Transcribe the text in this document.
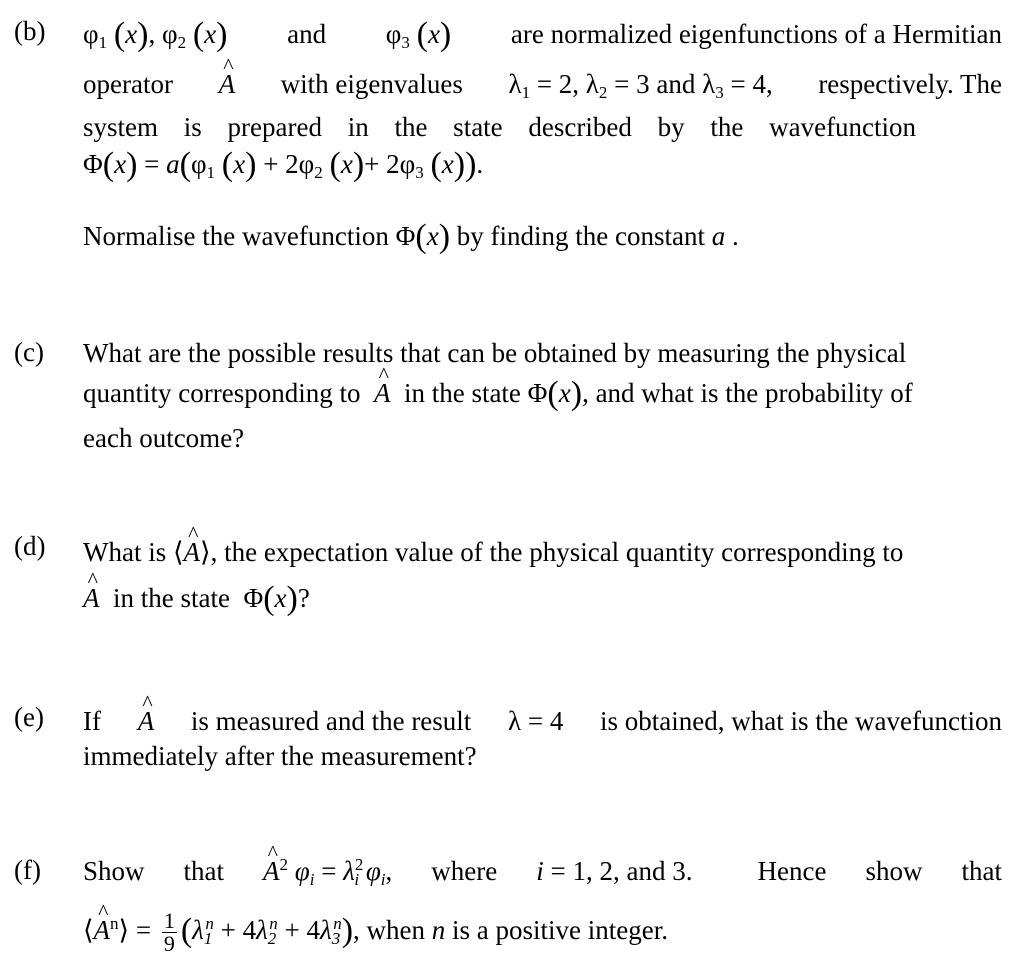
(b) $\varphi_1$ (x), $\varphi_2$ (x) and $\varphi_3$ (x) are normalized eigenfunctions of a Hermitian
operator A ^ with eigenvalues $\lambda_1 = 2$, $\lambda_2 = 3$ and $\lambda_3 = 4$, respectively. The
system is prepared in the state described by the wavefunction
$\Phi(x) = a(\varphi_1$ $(x) + 2\varphi_2$ $(x)+ 2\varphi_3$ (x)).
Normalise the wavefunction Φ(x) by finding the constant a .
(c) What are the possible results that can be obtained by measuring the physical
quantity corresponding to A ^ in the state Φ(x), and what is the probability of
each outcome?
(d) What is ⟨A ^⟩, the expectation value of the physical quantity corresponding to
A ^ in the state  Φ(x)?
(e) If A ^ is measured and the result λ = 4 is obtained, what is the wavefunction
immediately after the measurement?
(f) Show that A ^$^2$ $\varphi_i = \lambda^2_i$ $\varphi_i$, where i = 1, 2, and 3. Hence show that
⟨A ^$^n$⟩ = $\frac{1}{9} (\lambda_1^n + 4\lambda_2^n + 4\lambda_3^n)$, when n is a positive integer.
